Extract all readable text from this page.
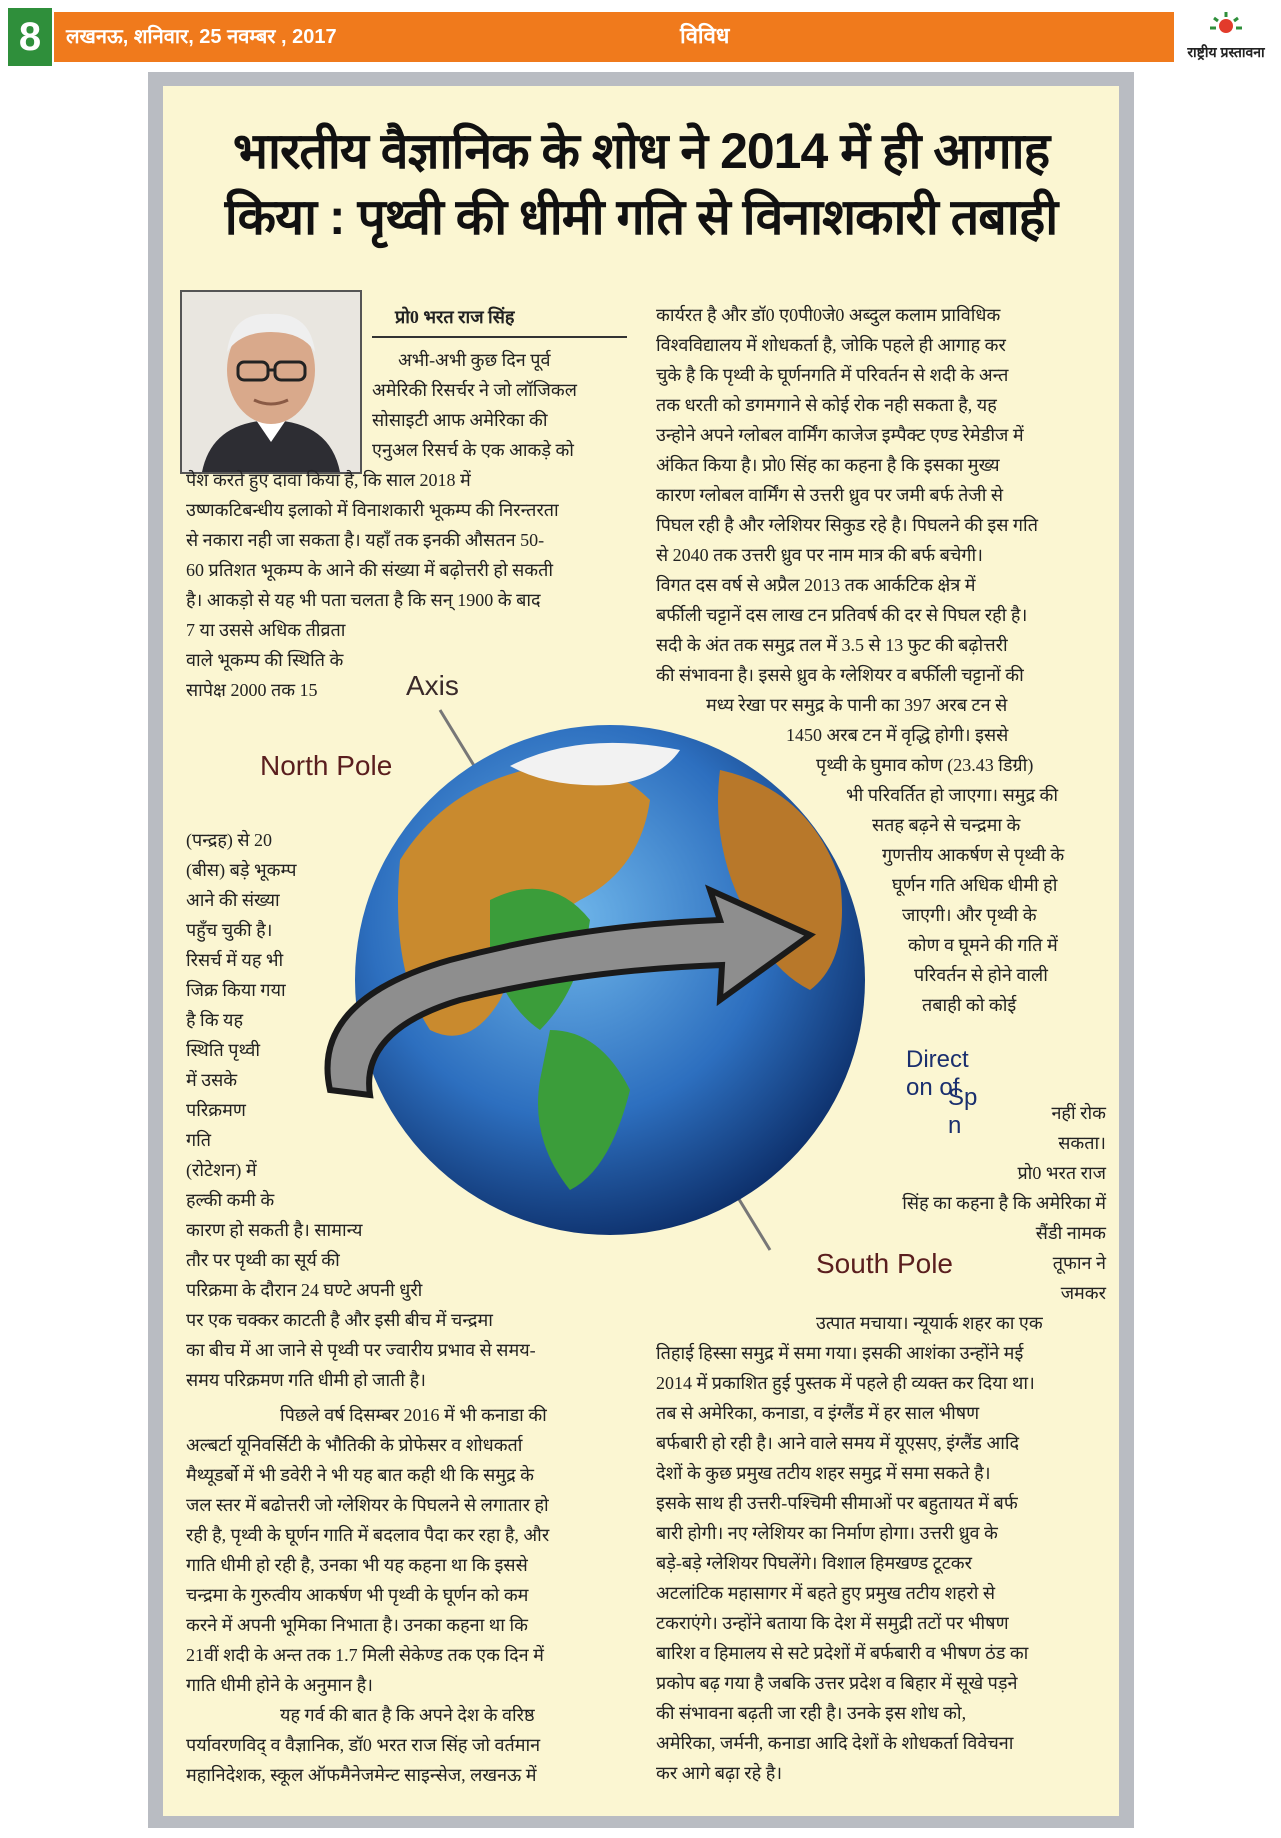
8	लखनऊ, शनिवार, 25 नवम्बर , 2017	विविध
राष्ट्रीय प्रस्तावना
भारतीय वैज्ञानिक के शोध ने 2014 में ही आगाह
किया : पृथ्वी की धीमी गति से विनाशकारी तबाही
प्रो0 भरत राज सिंह

अभी-अभी कुछ दिन पूर्व

अमेरिकी रिसर्चर ने जो लॉजिकल

सोसाइटी आफ अमेरिका की

एनुअल रिसर्च के एक आकड़े को

पेश करते हुए दावा किया है, कि साल 2018 में

उष्णकटिबन्धीय इलाको में विनाशकारी भूकम्प की निरन्तरता

से नकारा नही जा सकता है। यहाँ तक इनकी औसतन 50-

60 प्रतिशत भूकम्प के आने की संख्या में बढ़ोत्तरी हो सकती

है। आकड़ो से यह भी पता चलता है कि सन् 1900 के बाद

7 या उससे अधिक तीव्रता

वाले भूकम्प की स्थिति के

सापेक्ष 2000 तक 15

(पन्द्रह) से 20

(बीस) बड़े भूकम्प

आने की संख्या

पहुँच चुकी है।

रिसर्च में यह भी

जिक्र किया गया

है कि यह

स्थिति पृथ्वी

में उसके

परिक्रमण

गति

(रोटेशन) में

हल्की कमी के

कारण हो सकती है। सामान्य

तौर पर पृथ्वी का सूर्य की

परिक्रमा के दौरान 24 घण्टे अपनी धुरी

पर एक चक्कर काटती है और इसी बीच में चन्द्रमा

का बीच में आ जाने से पृथ्वी पर ज्वारीय प्रभाव से समय-

समय परिक्रमण गति धीमी हो जाती है।

पिछले वर्ष दिसम्बर 2016 में भी कनाडा की

अल्बर्टा यूनिवर्सिटी के भौतिकी के प्रोफेसर व शोधकर्ता

मैथ्यूडर्बो में भी डवेरी ने भी यह बात कही थी कि समुद्र के

जल स्तर में बढोत्तरी जो ग्लेशियर के पिघलने से लगातार हो

रही है, पृथ्वी के घूर्णन गाति में बदलाव पैदा कर रहा है, और

गाति धीमी हो रही है, उनका भी यह कहना था कि इससे

चन्द्रमा के गुरुत्वीय आकर्षण भी पृथ्वी के घूर्णन को कम

करने में अपनी भूमिका निभाता है। उनका कहना था कि

21वीं शदी के अन्त तक 1.7 मिली सेकेण्ड तक एक दिन में

गाति धीमी होने के अनुमान है।

यह गर्व की बात है कि अपने देश के वरिष्ठ

पर्यावरणविद् व वैज्ञानिक, डॉ0 भरत राज सिंह जो वर्तमान

महानिदेशक, स्कूल ऑफमैनेजमेन्ट साइन्सेज, लखनऊ में

कार्यरत है और डॉ0 ए0पी0जे0 अब्दुल कलाम प्राविधिक

विश्वविद्यालय में शोधकर्ता है, जोकि पहले ही आगाह कर

चुके है कि पृथ्वी के घूर्णनगति में परिवर्तन से शदी के अन्त

तक धरती को डगमगाने से कोई रोक नही सकता है, यह

उन्होने अपने ग्लोबल वार्मिंग काजेज इम्पैक्ट एण्ड रेमेडीज में

अंकित किया है। प्रो0 सिंह का कहना है कि इसका मुख्य

कारण ग्लोबल वार्मिंग से उत्तरी ध्रुव पर जमी बर्फ तेजी से

पिघल रही है और ग्लेशियर सिकुड रहे है। पिघलने की इस गति

से 2040 तक उत्तरी ध्रुव पर नाम मात्र की बर्फ बचेगी।

विगत दस वर्ष से अप्रैल 2013 तक आर्कटिक क्षेत्र में

बर्फीली चट्टानें दस लाख टन प्रतिवर्ष की दर से पिघल रही है।

सदी के अंत तक समुद्र तल में 3.5 से 13 फुट की बढ़ोत्तरी

की संभावना है। इससे ध्रुव के ग्लेशियर व बर्फीली चट्टानों की

मध्य रेखा पर समुद्र के पानी का 397 अरब टन से

1450 अरब टन में वृद्धि होगी। इससे

पृथ्वी के घुमाव कोण (23.43 डिग्री)

भी परिवर्तित हो जाएगा। समुद्र की

सतह बढ़ने से चन्द्रमा के

गुणत्तीय आकर्षण से पृथ्वी के

घूर्णन गति अधिक धीमी हो

जाएगी। और पृथ्वी के

कोण व घूमने की गति में

परिवर्तन से होने वाली

तबाही को कोई

नहीं रोक

सकता।

प्रो0 भरत राज

सिंह का कहना है कि अमेरिका में

सैंडी नामक

तूफान ने

जमकर

उत्पात मचाया। न्यूयार्क शहर का एक

तिहाई हिस्सा समुद्र में समा गया। इसकी आशंका उन्होंने मई

2014 में प्रकाशित हुई पुस्तक में पहले ही व्यक्त कर दिया था।

तब से अमेरिका, कनाडा, व इंग्लैंड में हर साल भीषण

बर्फबारी हो रही है। आने वाले समय में यूएसए, इंग्लैंड आदि

देशों के कुछ प्रमुख तटीय शहर समुद्र में समा सकते है।

इसके साथ ही उत्तरी-पश्चिमी सीमाओं पर बहुतायत में बर्फ

बारी होगी। नए ग्लेशियर का निर्माण होगा। उत्तरी ध्रुव के

बड़े-बड़े ग्लेशियर पिघलेंगे। विशाल हिमखण्ड टूटकर

अटलांटिक महासागर में बहते हुए प्रमुख तटीय शहरो से

टकराएंगे। उन्होंने बताया कि देश में समुद्री तटों पर भीषण

बारिश व हिमालय से सटे प्रदेशों में बर्फबारी व भीषण ठंड का

प्रकोप बढ़ गया है जबकि उत्तर प्रदेश व बिहार में सूखे पड़ने

की संभावना बढ़ती जा रही है। उनके इस शोध को,

अमेरिका, जर्मनी, कनाडा आदि देशों के शोधकर्ता विवेचना

कर आगे बढ़ा रहे है।

Axis
North Pole
Direct on of
Sp n
South Pole
